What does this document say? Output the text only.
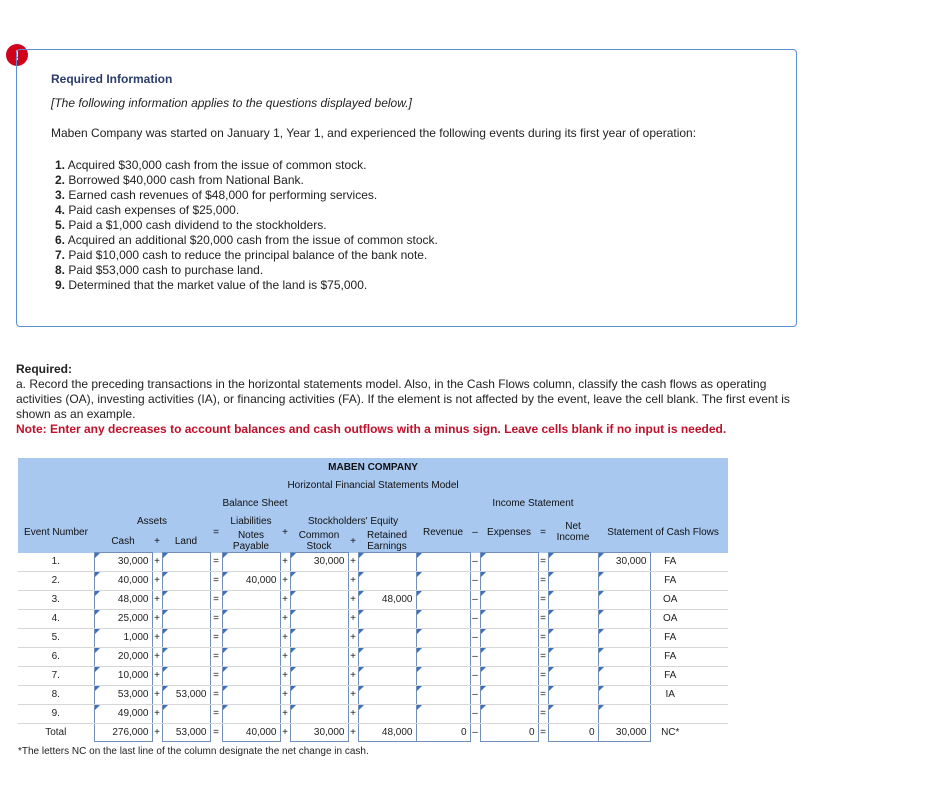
!
Required Information
[The following information applies to the questions displayed below.]
Maben Company was started on January 1, Year 1, and experienced the following events during its first year of operation:
1. Acquired $30,000 cash from the issue of common stock.
2. Borrowed $40,000 cash from National Bank.
3. Earned cash revenues of $48,000 for performing services.
4. Paid cash expenses of $25,000.
5. Paid a $1,000 cash dividend to the stockholders.
6. Acquired an additional $20,000 cash from the issue of common stock.
7. Paid $10,000 cash to reduce the principal balance of the bank note.
8. Paid $53,000 cash to purchase land.
9. Determined that the market value of the land is $75,000.
Required:
a. Record the preceding transactions in the horizontal statements model. Also, in the Cash Flows column, classify the cash flows as operating activities (OA), investing activities (IA), or financing activities (FA). If the element is not affected by the event, leave the cell blank. The first event is shown as an example.
Note: Enter any decreases to account balances and cash outflows with a minus sign. Leave cells blank if no input is needed.
MABEN COMPANY																	
Horizontal Financial Statements Model																	
	Balance Sheet									Income Statement							
Event Number	Assets			=	Liabilities	+	Stockholders' Equity			Revenue	–	Expenses	=	Net Income	Statement of Cash Flows		
	Cash	+	Land		Notes Payable		Common Stock	+	Retained Earnings								
1.	30,000	+		=		+	30,000	+			–		=		30,000	FA	
2.	40,000	+		=	40,000	+		+			–		=			FA	
3.	48,000	+		=		+		+	48,000		–		=			OA	
4.	25,000	+		=		+		+			–		=			OA	
5.	1,000	+		=		+		+			–		=			FA	
6.	20,000	+		=		+		+			–		=			FA	
7.	10,000	+		=		+		+			–		=			FA	
8.	53,000	+	53,000	=		+		+			–		=			IA	
9.	49,000	+		=		+		+			–		=				
Total	276,000	+	53,000	=	40,000	+	30,000	+	48,000	0	–	0	=	0	30,000	NC*	
*The letters NC on the last line of the column designate the net change in cash.																	
